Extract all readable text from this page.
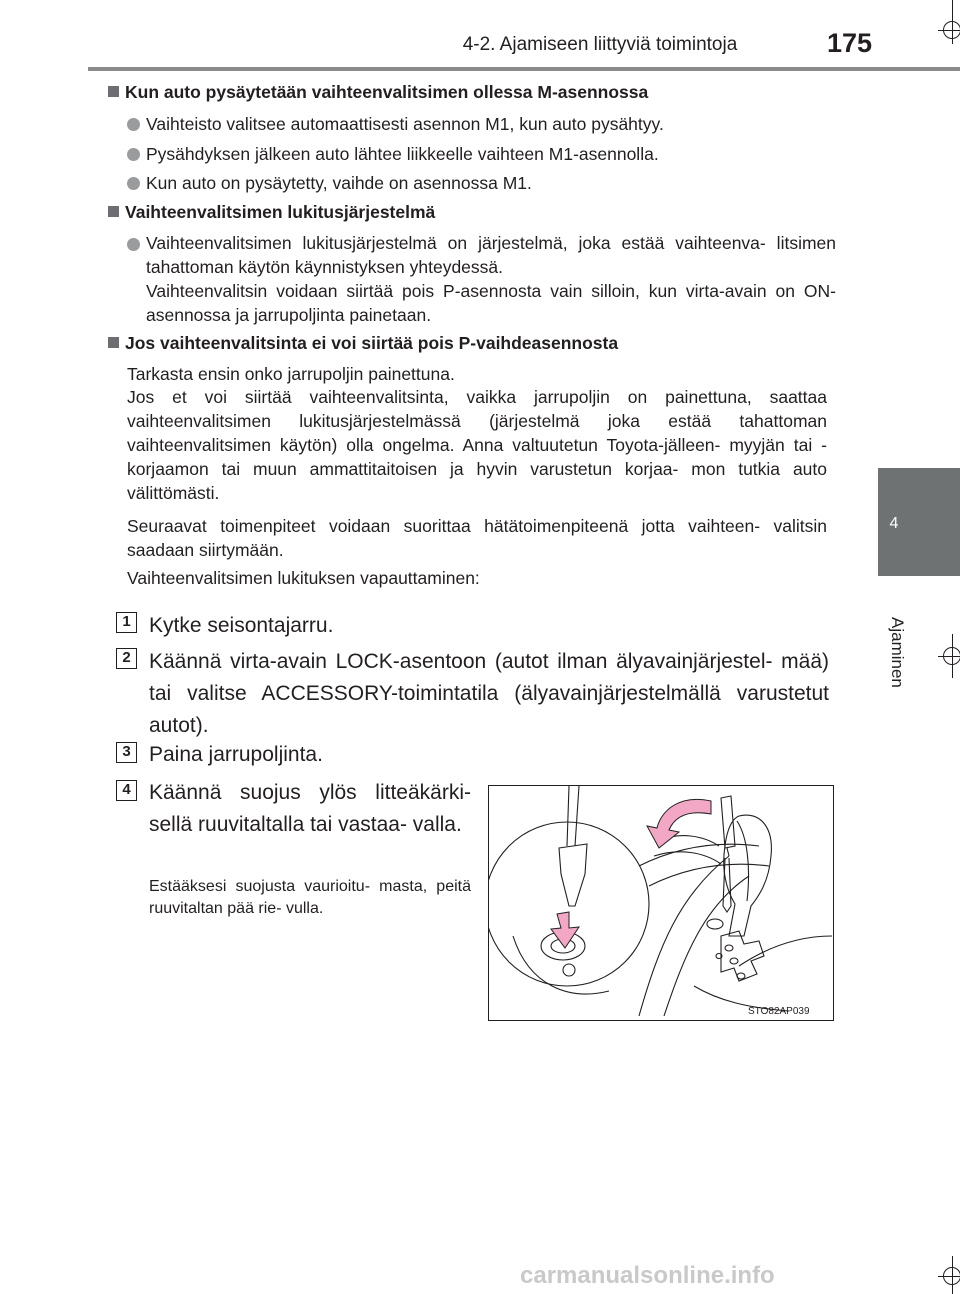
4-2. Ajamiseen liittyviä toimintoja	175
4
Ajaminen
Kun auto pysäytetään vaihteenvalitsimen ollessa M-asennossa
Vaihteisto valitsee automaattisesti asennon M1, kun auto pysähtyy.
Pysähdyksen jälkeen auto lähtee liikkeelle vaihteen M1-asennolla.
Kun auto on pysäytetty, vaihde on asennossa M1.
Vaihteenvalitsimen lukitusjärjestelmä
Vaihteenvalitsimen lukitusjärjestelmä on järjestelmä, joka estää vaihteenva- litsimen tahattoman käytön käynnistyksen yhteydessä.
Vaihteenvalitsin voidaan siirtää pois P-asennosta vain silloin, kun virta-avain on ON-asennossa ja jarrupoljinta painetaan.
Jos vaihteenvalitsinta ei voi siirtää pois P-vaihdeasennosta
Tarkasta ensin onko jarrupoljin painettuna.
Jos et voi siirtää vaihteenvalitsinta, vaikka jarrupoljin on painettuna, saattaa vaihteenvalitsimen lukitusjärjestelmässä (järjestelmä joka estää tahattoman vaihteenvalitsimen käytön) olla ongelma. Anna valtuutetun Toyota-jälleen- myyjän tai -korjaamon tai muun ammattitaitoisen ja hyvin varustetun korjaa- mon tutkia auto välittömästi.
Seuraavat toimenpiteet voidaan suorittaa hätätoimenpiteenä jotta vaihteen- valitsin saadaan siirtymään.
Vaihteenvalitsimen lukituksen vapauttaminen:
1 Kytke seisontajarru.
2 Käännä virta-avain LOCK-asentoon (autot ilman älyavainjärjestel- mää) tai valitse ACCESSORY-toimintatila (älyavainjärjestelmällä varustetut autot).
3 Paina jarrupoljinta.
4 Käännä suojus ylös litteäkärki- sellä ruuvitaltalla tai vastaa- valla.
Estääksesi suojusta vaurioitu- masta, peitä ruuvitaltan pää rie- vulla.
STO82AP039
carmanualsonline.info
